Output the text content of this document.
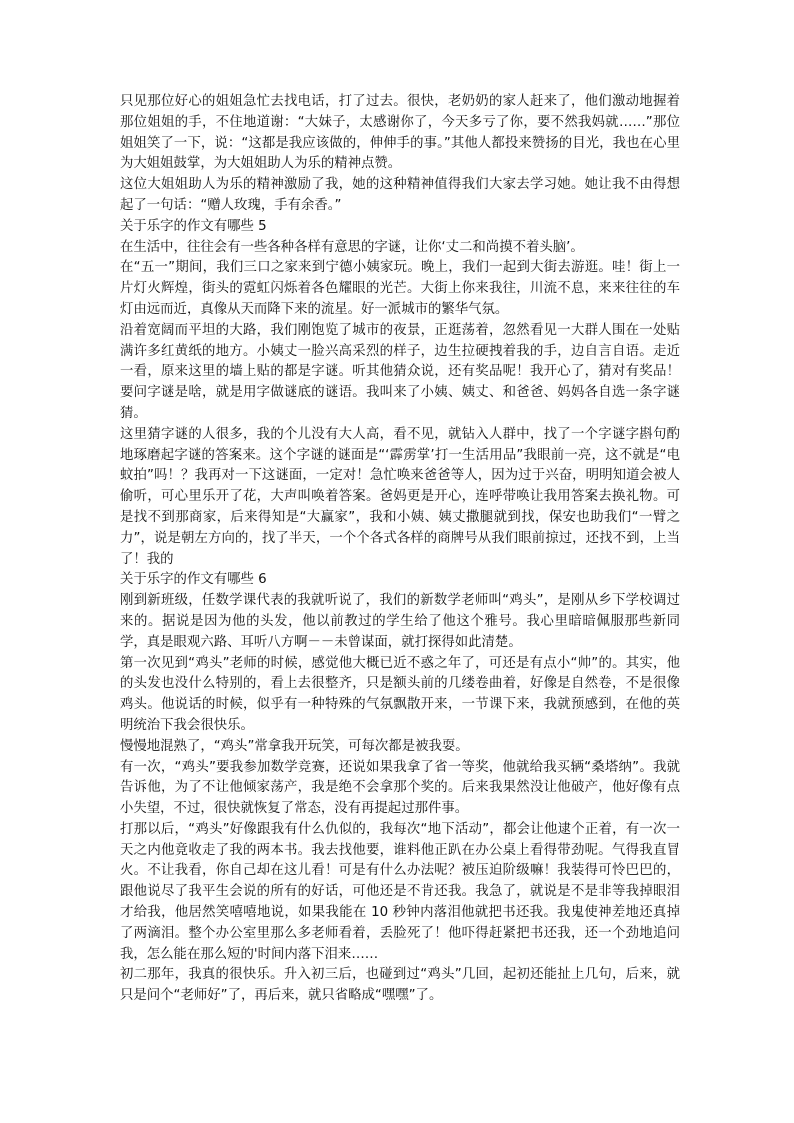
只见那位好心的姐姐急忙去找电话，打了过去。很快，老奶奶的家人赶来了，他们激动地握着那位姐姐的手，不住地道谢：“大妹子，太感谢你了，今天多亏了你，要不然我妈就……”那位姐姐笑了一下，说：“这都是我应该做的，伸伸手的事。”其他人都投来赞扬的目光，我也在心里为大姐姐鼓掌，为大姐姐助人为乐的精神点赞。

这位大姐姐助人为乐的精神激励了我，她的这种精神值得我们大家去学习她。她让我不由得想起了一句话：“赠人玫瑰，手有余香。”

关于乐字的作文有哪些 5

在生活中，往往会有一些各种各样有意思的字谜，让你‘丈二和尚摸不着头脑’。

在“五一”期间，我们三口之家来到宁德小姨家玩。晚上，我们一起到大街去游逛。哇！街上一片灯火辉煌，街头的霓虹闪烁着各色耀眼的光芒。大街上你来我往，川流不息，来来往往的车灯由远而近，真像从天而降下来的流星。好一派城市的繁华气氛。

沿着宽阔而平坦的大路，我们刚饱览了城市的夜景，正逛荡着，忽然看见一大群人围在一处贴满许多红黄纸的地方。小姨丈一脸兴高采烈的样子，边生拉硬拽着我的手，边自言自语。走近一看，原来这里的墙上贴的都是字谜。听其他猜众说，还有奖品呢！我开心了，猜对有奖品！要问字谜是啥，就是用字做谜底的谜语。我叫来了小姨、姨丈、和爸爸、妈妈各自选一条字谜猜。

这里猜字谜的人很多，我的个儿没有大人高，看不见，就钻入人群中，找了一个字谜字斟句酌地琢磨起字谜的答案来。这个字谜的谜面是“‘霹雳掌’打一生活用品”我眼前一亮，这不就是“电蚊拍”吗！？我再对一下这谜面，一定对！急忙唤来爸爸等人，因为过于兴奋，明明知道会被人偷听，可心里乐开了花，大声叫唤着答案。爸妈更是开心，连呼带唤让我用答案去换礼物。可是找不到那商家，后来得知是“大赢家”，我和小姨、姨丈撒腿就到找，保安也助我们“一臂之力”，说是朝左方向的，找了半天，一个个各式各样的商牌号从我们眼前掠过，还找不到，上当了！我的

关于乐字的作文有哪些 6

刚到新班级，任数学课代表的我就听说了，我们的新数学老师叫“鸡头”，是刚从乡下学校调过来的。据说是因为他的头发，他以前教过的学生给了他这个雅号。我心里暗暗佩服那些新同学，真是眼观六路、耳听八方啊－－未曾谋面，就打探得如此清楚。

第一次见到“鸡头”老师的时候，感觉他大概已近不惑之年了，可还是有点小“帅”的。其实，他的头发也没什么特别的，看上去很整齐，只是额头前的几缕卷曲着，好像是自然卷，不是很像鸡头。他说话的时候，似乎有一种特殊的气氛飘散开来，一节课下来，我就预感到，在他的英明统治下我会很快乐。

慢慢地混熟了，“鸡头”常拿我开玩笑，可每次都是被我耍。

有一次，“鸡头”要我参加数学竞赛，还说如果我拿了省一等奖，他就给我买辆“桑塔纳”。我就告诉他，为了不让他倾家荡产，我是绝不会拿那个奖的。后来我果然没让他破产，他好像有点小失望，不过，很快就恢复了常态，没有再提起过那件事。

打那以后，“鸡头”好像跟我有什么仇似的，我每次“地下活动”，都会让他逮个正着，有一次一天之内他竟收走了我的两本书。我去找他要，谁料他正趴在办公桌上看得带劲呢。气得我直冒火。不让我看，你自己却在这儿看！可是有什么办法呢？被压迫阶级嘛！我装得可怜巴巴的，跟他说尽了我平生会说的所有的好话，可他还是不肯还我。我急了，就说是不是非等我掉眼泪才给我，他居然笑嘻嘻地说，如果我能在 10 秒钟内落泪他就把书还我。我鬼使神差地还真掉了两滴泪。整个办公室里那么多老师看着，丢脸死了！他吓得赶紧把书还我，还一个劲地追问我，怎么能在那么短的'时间内落下泪来……

初二那年，我真的很快乐。升入初三后，也碰到过“鸡头”几回，起初还能扯上几句，后来，就只是问个“老师好”了，再后来，就只省略成“嘿嘿”了。
